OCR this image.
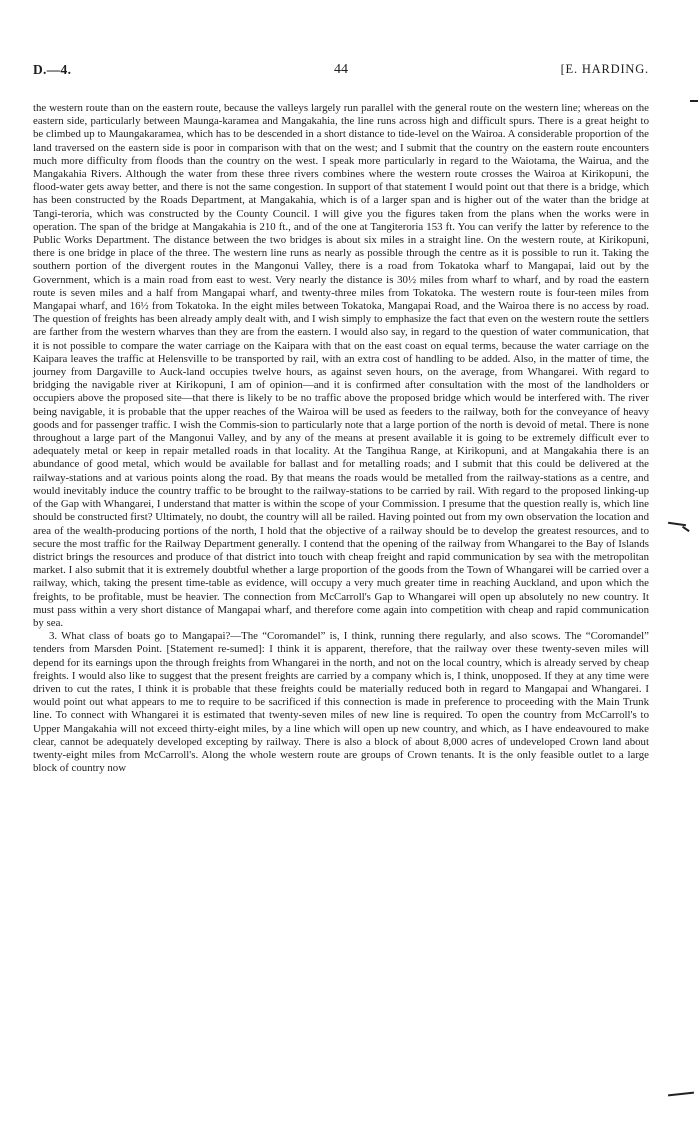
D.—4.	44	[E. HARDING.

the western route than on the eastern route, because the valleys largely run parallel with the general route on the western line; whereas on the eastern side, particularly between Maunga-karamea and Mangakahia, the line runs across high and difficult spurs. There is a great height to be climbed up to Maungakaramea, which has to be descended in a short distance to tide-level on the Wairoa. A considerable proportion of the land traversed on the eastern side is poor in comparison with that on the west; and I submit that the country on the eastern route encounters much more difficulty from floods than the country on the west. I speak more particularly in regard to the Waiotama, the Wairua, and the Mangakahia Rivers. Although the water from these three rivers combines where the western route crosses the Wairoa at Kirikopuni, the flood-water gets away better, and there is not the same congestion. In support of that statement I would point out that there is a bridge, which has been constructed by the Roads Department, at Mangakahia, which is of a larger span and is higher out of the water than the bridge at Tangi-teroria, which was constructed by the County Council. I will give you the figures taken from the plans when the works were in operation. The span of the bridge at Mangakahia is 210 ft., and of the one at Tangiteroria 153 ft. You can verify the latter by reference to the Public Works Department. The distance between the two bridges is about six miles in a straight line. On the western route, at Kirikopuni, there is one bridge in place of the three. The western line runs as nearly as possible through the centre as it is possible to run it. Taking the southern portion of the divergent routes in the Mangonui Valley, there is a road from Tokatoka wharf to Mangapai, laid out by the Government, which is a main road from east to west. Very nearly the distance is 30½ miles from wharf to wharf, and by road the eastern route is seven miles and a half from Mangapai wharf, and twenty-three miles from Tokatoka. The western route is four-teen miles from Mangapai wharf, and 16½ from Tokatoka. In the eight miles between Tokatoka, Mangapai Road, and the Wairoa there is no access by road. The question of freights has been already amply dealt with, and I wish simply to emphasize the fact that even on the western route the settlers are farther from the western wharves than they are from the eastern. I would also say, in regard to the question of water communication, that it is not possible to compare the water carriage on the Kaipara with that on the east coast on equal terms, because the water carriage on the Kaipara leaves the traffic at Helensville to be transported by rail, with an extra cost of handling to be added. Also, in the matter of time, the journey from Dargaville to Auck-land occupies twelve hours, as against seven hours, on the average, from Whangarei. With regard to bridging the navigable river at Kirikopuni, I am of opinion—and it is confirmed after consultation with the most of the landholders or occupiers above the proposed site—that there is likely to be no traffic above the proposed bridge which would be interfered with. The river being navigable, it is probable that the upper reaches of the Wairoa will be used as feeders to the railway, both for the conveyance of heavy goods and for passenger traffic. I wish the Commis-sion to particularly note that a large portion of the north is devoid of metal. There is none throughout a large part of the Mangonui Valley, and by any of the means at present available it is going to be extremely difficult ever to adequately metal or keep in repair metalled roads in that locality. At the Tangihua Range, at Kirikopuni, and at Mangakahia there is an abundance of good metal, which would be available for ballast and for metalling roads; and I submit that this could be delivered at the railway-stations and at various points along the road. By that means the roads would be metalled from the railway-stations as a centre, and would inevitably induce the country traffic to be brought to the railway-stations to be carried by rail. With regard to the proposed linking-up of the Gap with Whangarei, I understand that matter is within the scope of your Commission. I presume that the question really is, which line should be constructed first? Ultimately, no doubt, the country will all be railed. Having pointed out from my own observation the location and area of the wealth-producing portions of the north, I hold that the objective of a railway should be to develop the greatest resources, and to secure the most traffic for the Railway Department generally. I contend that the opening of the railway from Whangarei to the Bay of Islands district brings the resources and produce of that district into touch with cheap freight and rapid communication by sea with the metropolitan market. I also submit that it is extremely doubtful whether a large proportion of the goods from the Town of Whangarei will be carried over a railway, which, taking the present time-table as evidence, will occupy a very much greater time in reaching Auckland, and upon which the freights, to be profitable, must be heavier. The connection from McCarroll's Gap to Whangarei will open up absolutely no new country. It must pass within a very short distance of Mangapai wharf, and therefore come again into competition with cheap and rapid communication by sea.

3. What class of boats go to Mangapai?—The “Coromandel” is, I think, running there regularly, and also scows. The “Coromandel” tenders from Marsden Point. [Statement re-sumed]: I think it is apparent, therefore, that the railway over these twenty-seven miles will depend for its earnings upon the through freights from Whangarei in the north, and not on the local country, which is already served by cheap freights. I would also like to suggest that the present freights are carried by a company which is, I think, unopposed. If they at any time were driven to cut the rates, I think it is probable that these freights could be materially reduced both in regard to Mangapai and Whangarei. I would point out what appears to me to require to be sacrificed if this connection is made in preference to proceeding with the Main Trunk line. To connect with Whangarei it is estimated that twenty-seven miles of new line is required. To open the country from McCarroll's to Upper Mangakahia will not exceed thirty-eight miles, by a line which will open up new country, and which, as I have endeavoured to make clear, cannot be adequately developed excepting by railway. There is also a block of about 8,000 acres of undeveloped Crown land about twenty-eight miles from McCarroll's. Along the whole western route are groups of Crown tenants. It is the only feasible outlet to a large block of country now
